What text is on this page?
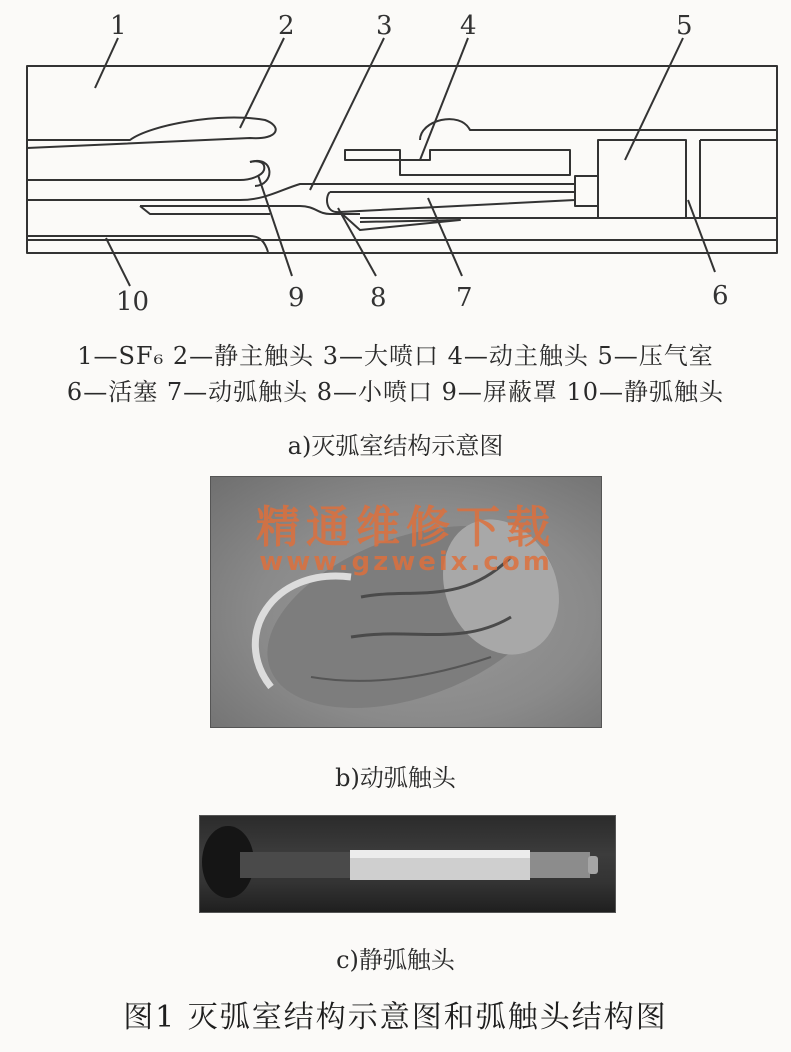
1	2	3	4	5
10	9	8	7	6
1—SF₆ 2—静主触头 3—大喷口 4—动主触头 5—压气室
6—活塞 7—动弧触头 8—小喷口 9—屏蔽罩 10—静弧触头
a)灭弧室结构示意图
精通维修下载
www.gzweix.com
b)动弧触头
c)静弧触头
图1 灭弧室结构示意图和弧触头结构图
